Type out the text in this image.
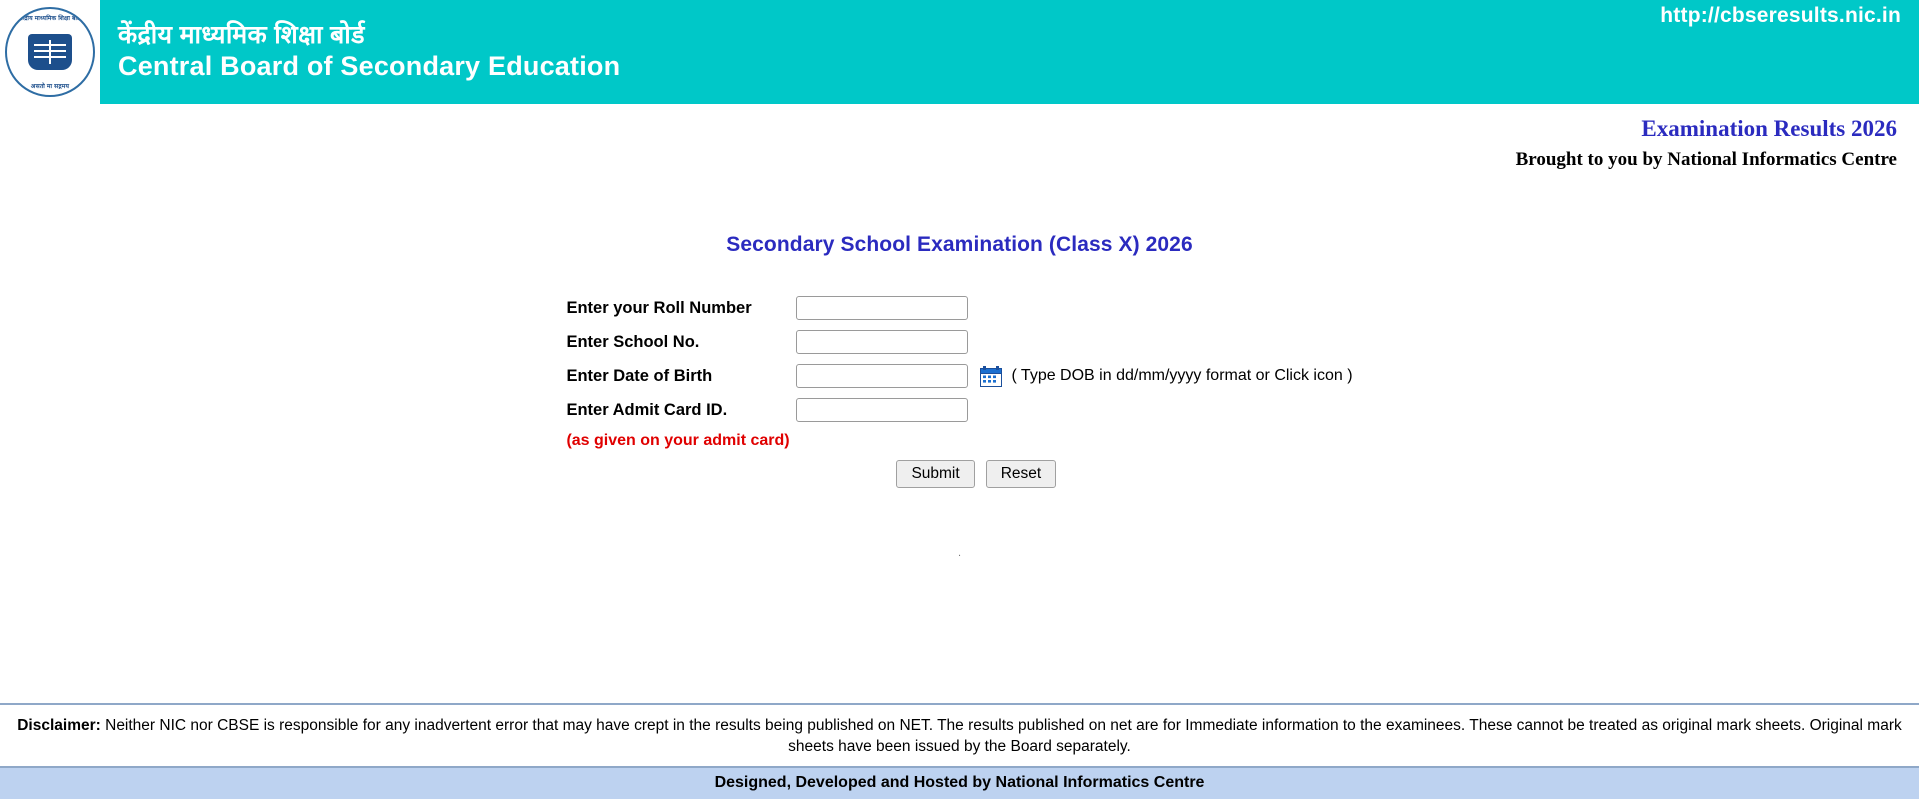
केंद्रीय माध्यमिक शिक्षा बोर्ड
असतो मा सद्गमय
केंद्रीय माध्यमिक शिक्षा बोर्ड
Central Board of Secondary Education
http://cbseresults.nic.in
Examination Results 2026
Brought to you by National Informatics Centre
Secondary School Examination (Class X) 2026
Enter your Roll Number		
Enter School No.		
Enter Date of Birth		( Type DOB in dd/mm/yyyy format or Click icon )

Enter Admit Card ID.		
(as given on your admit card)		

	Submit Reset	
.
Disclaimer: Neither NIC nor CBSE is responsible for any inadvertent error that may have crept in the results being published on NET. The results published on net are for Immediate information to the examinees. These cannot be treated as original mark sheets. Original mark sheets have been issued by the Board separately.
Designed, Developed and Hosted by National Informatics Centre
